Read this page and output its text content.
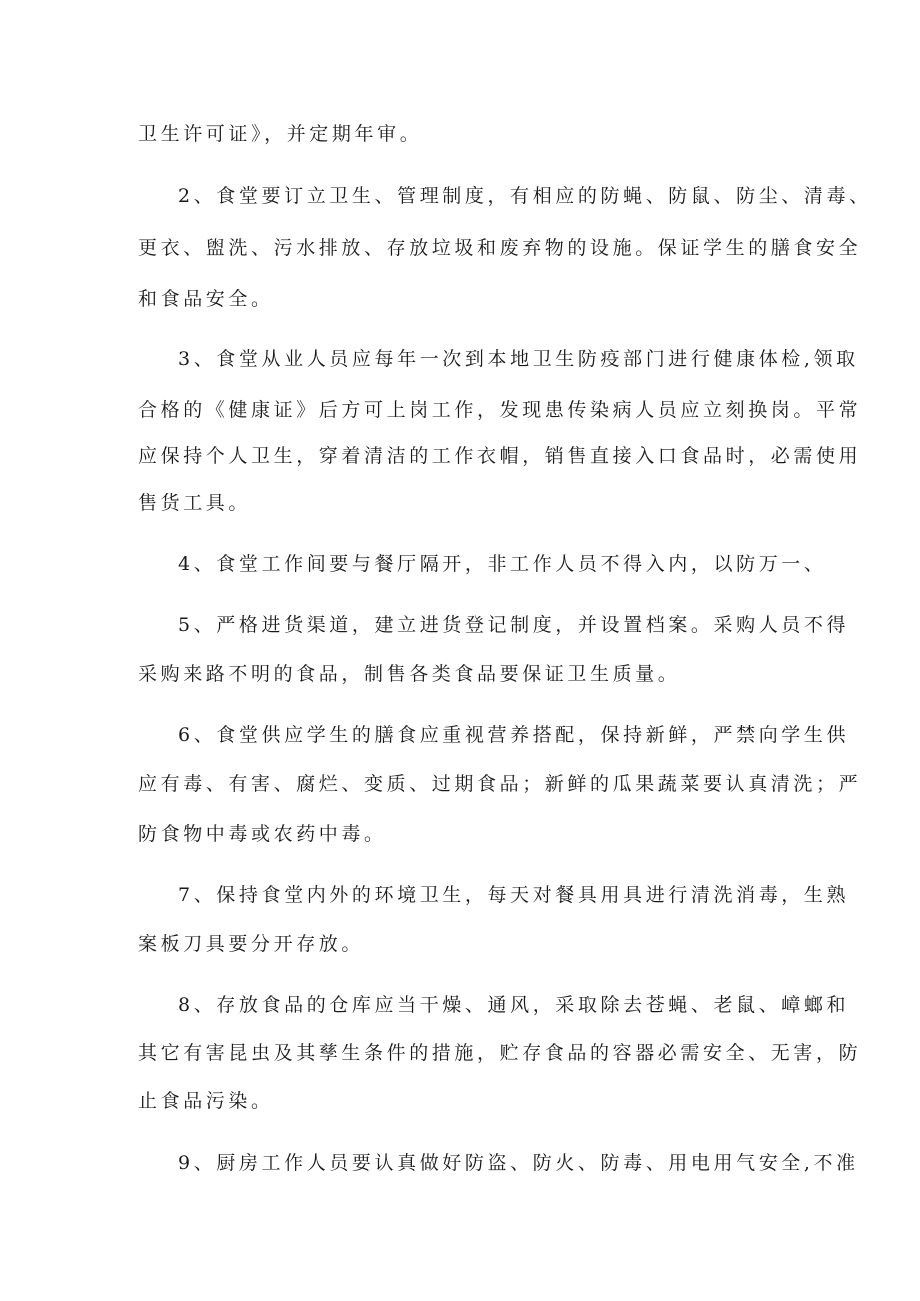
卫生许可证》，并定期年审。
2、食堂要订立卫生、管理制度，有相应的防蝇、防鼠、防尘、清毒、
更衣、盥洗、污水排放、存放垃圾和废弃物的设施。保证学生的膳食安全
和食品安全。
3、食堂从业人员应每年一次到本地卫生防疫部门进行健康体检,领取
合格的《健康证》后方可上岗工作，发现患传染病人员应立刻换岗。平常
应保持个人卫生，穿着清洁的工作衣帽，销售直接入口食品时，必需使用
售货工具。
4、食堂工作间要与餐厅隔开，非工作人员不得入内，以防万一、
5、严格进货渠道，建立进货登记制度，并设置档案。采购人员不得
采购来路不明的食品，制售各类食品要保证卫生质量。
6、食堂供应学生的膳食应重视营养搭配，保持新鲜，严禁向学生供
应有毒、有害、腐烂、变质、过期食品；新鲜的瓜果蔬菜要认真清洗；严
防食物中毒或农药中毒。
7、保持食堂内外的环境卫生，每天对餐具用具进行清洗消毒，生熟
案板刀具要分开存放。
8、存放食品的仓库应当干燥、通风，采取除去苍蝇、老鼠、嶂螂和
其它有害昆虫及其孳生条件的措施，贮存食品的容器必需安全、无害，防
止食品污染。
9、厨房工作人员要认真做好防盗、防火、防毒、用电用气安全,不准
